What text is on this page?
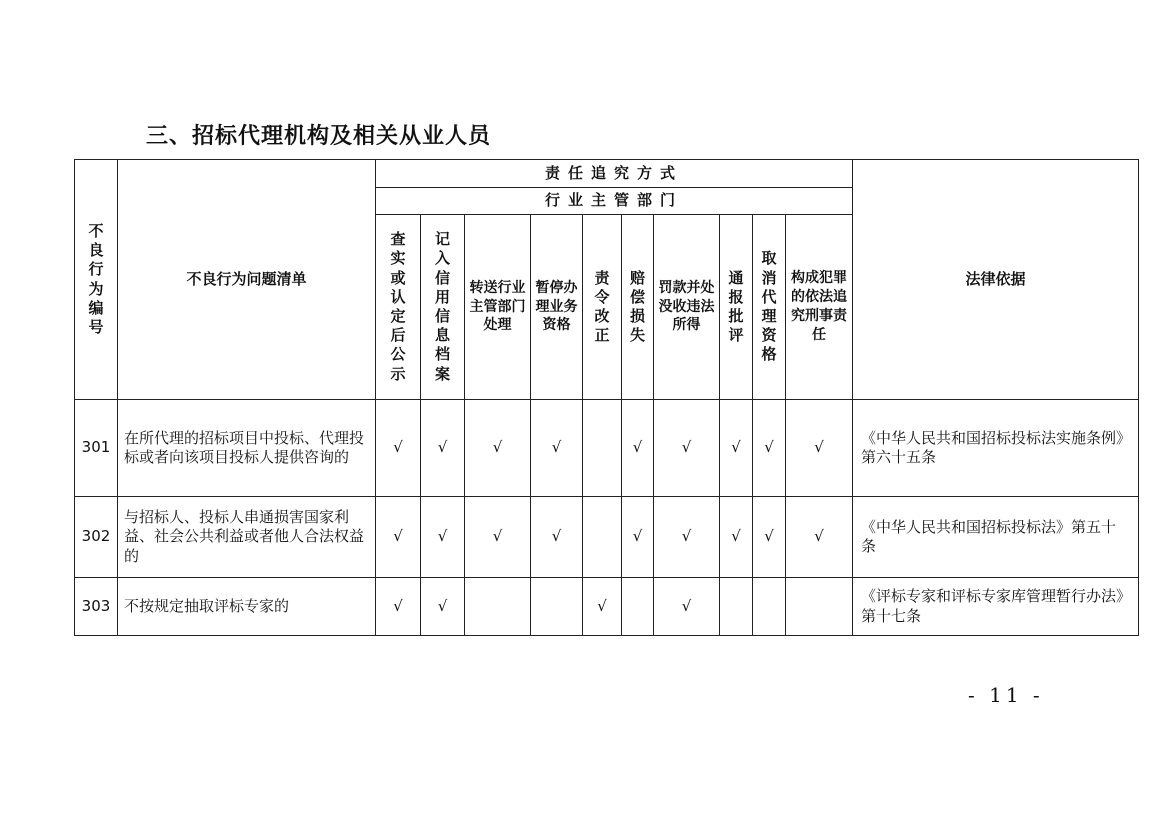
三、招标代理机构及相关从业人员
不良行为编号	不良行为问题清单	责任追究方式										法律依据
		行业主管部门										

		查实或认定后公示	记入信用信息档案	转送行业主管部门处理	暂停办理业务资格	责令改正	赔偿损失	罚款并处没收违法所得	通报批评	取消代理资格	构成犯罪的依法追究刑事责任	

301	在所代理的招标项目中投标、代理投标或者向该项目投标人提供咨询的	√	√	√	√		√	√	√	√	√	《中华人民共和国招标投标法实施条例》第六十五条
302	与招标人、投标人串通损害国家利益、社会公共利益或者他人合法权益的	√	√	√	√		√	√	√	√	√	《中华人民共和国招标投标法》第五十条
303	不按规定抽取评标专家的	√	√			√		√				《评标专家和评标专家库管理暂行办法》第十七条
- 11 -
